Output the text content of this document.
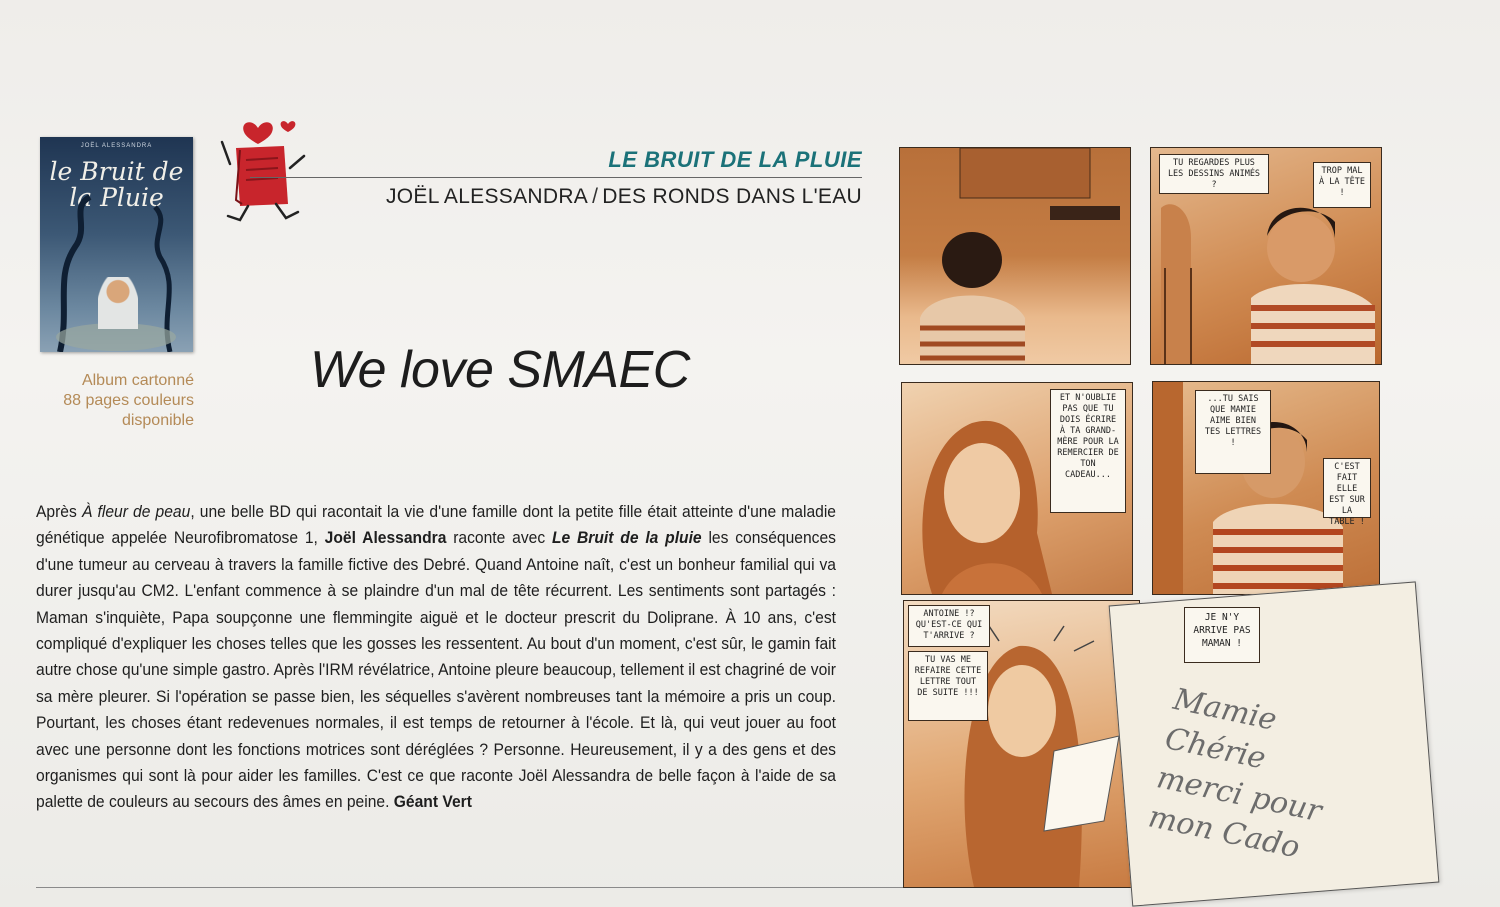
JOËL ALESSANDRA
le Bruit de la Pluie
Album cartonné
88 pages couleurs
disponible
LE BRUIT DE LA PLUIE
JOËL ALESSANDRA / DES RONDS DANS L'EAU
We love SMAEC
Après À fleur de peau, une belle BD qui racontait la vie d'une famille dont la petite fille était atteinte d'une maladie génétique appelée Neurofibromatose 1, Joël Alessandra raconte avec Le Bruit de la pluie les conséquences d'une tumeur au cerveau à travers la famille fictive des Debré. Quand Antoine naît, c'est un bonheur familial qui va durer jusqu'au CM2. L'enfant commence à se plaindre d'un mal de tête récurrent. Les sentiments sont partagés : Maman s'inquiète, Papa soupçonne une flemmingite aiguë et le docteur prescrit du Doliprane. À 10 ans, c'est compliqué d'expliquer les choses telles que les gosses les ressentent. Au bout d'un moment, c'est sûr, le gamin fait autre chose qu'une simple gastro. Après l'IRM révélatrice, Antoine pleure beaucoup, tellement il est chagriné de voir sa mère pleurer. Si l'opération se passe bien, les séquelles s'avèrent nombreuses tant la mémoire a pris un coup. Pourtant, les choses étant redevenues normales, il est temps de retourner à l'école. Et là, qui veut jouer au foot avec une personne dont les fonctions motrices sont déréglées ? Personne. Heureusement, il y a des gens et des organismes qui sont là pour aider les familles. C'est ce que raconte Joël Alessandra de belle façon à l'aide de sa palette de couleurs au secours des âmes en peine. Géant Vert
TU REGARDES PLUS LES DESSINS ANIMÉS ?
TROP MAL À LA TÊTE !
ET N'OUBLIE PAS QUE TU DOIS ÉCRIRE À TA GRAND-MÈRE POUR LA REMERCIER DE TON CADEAU...
...TU SAIS QUE MAMIE AIME BIEN TES LETTRES !
C'EST FAIT ELLE EST SUR LA TABLE !
ANTOINE !? QU'EST-CE QUI T'ARRIVE ?
TU VAS ME REFAIRE CETTE LETTRE TOUT DE SUITE !!!
JE N'Y ARRIVE PAS MAMAN !
Mamie Chérie merci pour mon Cado
